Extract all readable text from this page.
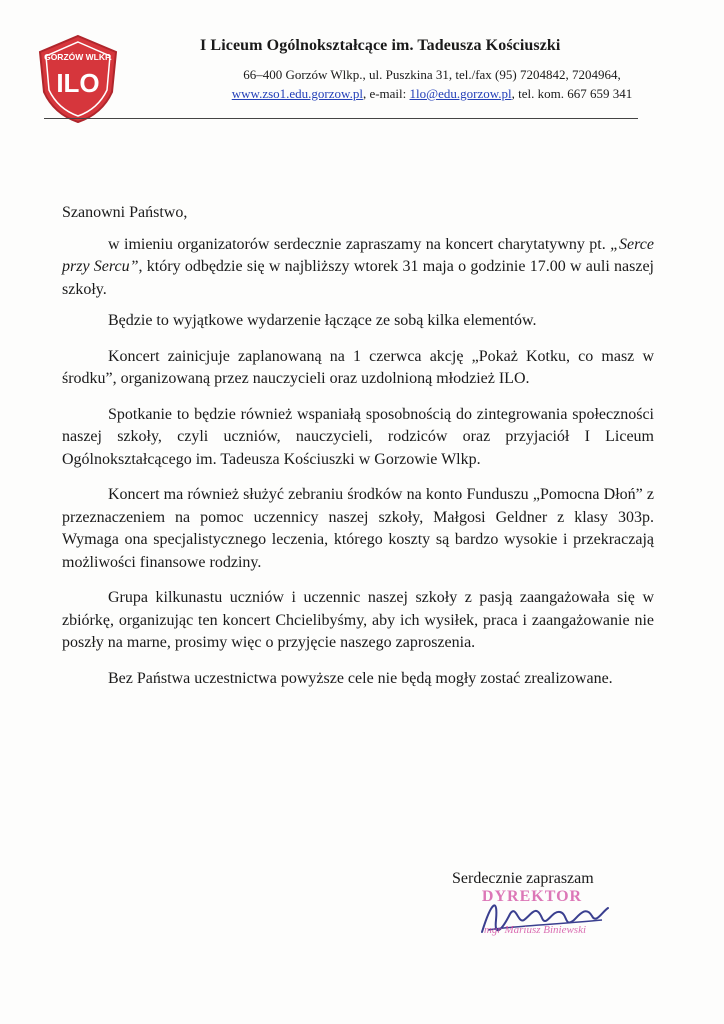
GORZÓW WLKP.
ILO
I Liceum Ogólnokształcące im. Tadeusza Kościuszki
66–400 Gorzów Wlkp., ul. Puszkina 31, tel./fax (95) 7204842, 7204964,
www.zso1.edu.gorzow.pl, e-mail: 1lo@edu.gorzow.pl, tel. kom. 667 659 341

Szanowni Państwo,

w imieniu organizatorów serdecznie zapraszamy na koncert charytatywny pt. „Serce przy Sercu”, który odbędzie się w najbliższy wtorek 31 maja o godzinie 17.00 w auli naszej szkoły.

Będzie to wyjątkowe wydarzenie łączące ze sobą kilka elementów.

Koncert zainicjuje zaplanowaną na 1 czerwca akcję „Pokaż Kotku, co masz w środku”, organizowaną przez nauczycieli oraz uzdolnioną młodzież ILO.

Spotkanie to będzie również wspaniałą sposobnością do zintegrowania społeczności naszej szkoły, czyli uczniów, nauczycieli, rodziców oraz przyjaciół I Liceum Ogólnokształcącego im. Tadeusza Kościuszki w Gorzowie Wlkp.

Koncert ma również służyć zebraniu środków na konto Funduszu „Pomocna Dłoń” z przeznaczeniem na pomoc uczennicy naszej szkoły, Małgosi Geldner z klasy 303p. Wymaga ona specjalistycznego leczenia, którego koszty są bardzo wysokie i przekraczają możliwości finansowe rodziny.

Grupa kilkunastu uczniów i uczennic naszej szkoły z pasją zaangażowała się w zbiórkę, organizując ten koncert Chcielibyśmy, aby ich wysiłek, praca i zaangażowanie nie poszły na marne, prosimy więc o przyjęcie naszego zaproszenia.

Bez Państwa uczestnictwa powyższe cele nie będą mogły zostać zrealizowane.

Serdecznie zapraszam
DYREKTOR
mgr Mariusz Biniewski
